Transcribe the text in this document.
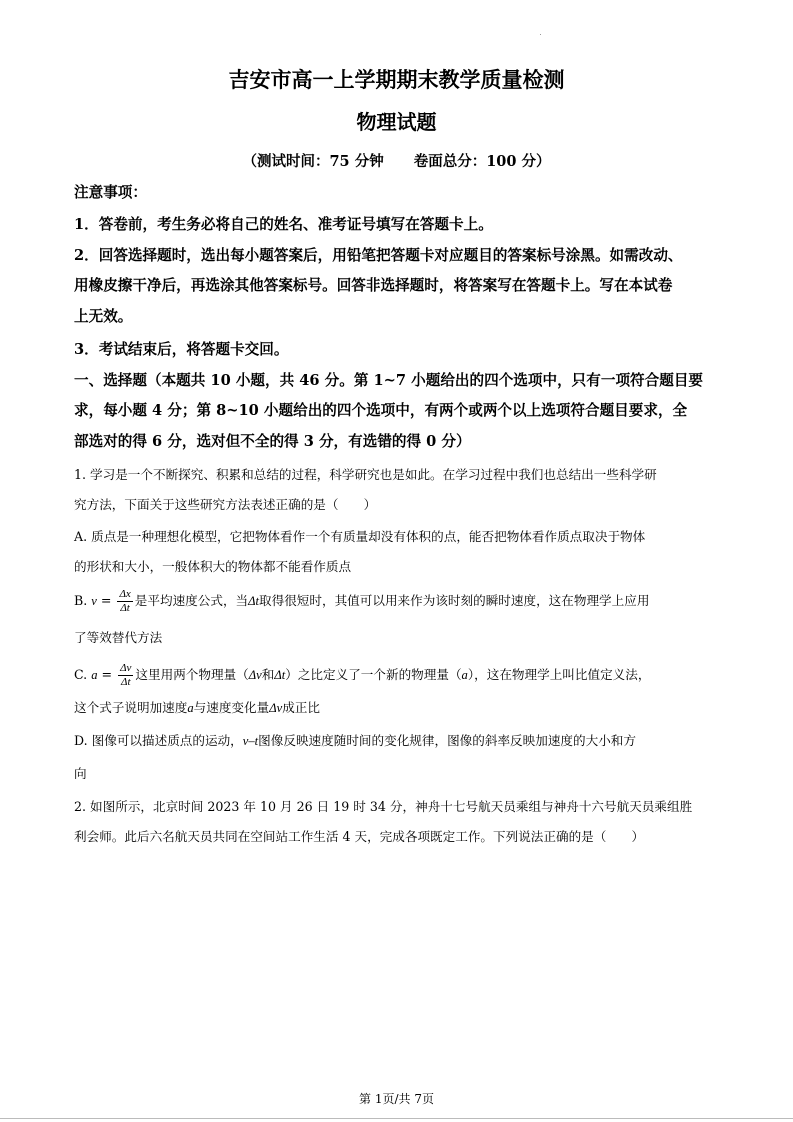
吉安市高一上学期期末教学质量检测
物理试题
（测试时间：75 分钟 卷面总分：100 分）
注意事项：
1．答卷前，考生务必将自己的姓名、准考证号填写在答题卡上。
2．回答选择题时，选出每小题答案后，用铅笔把答题卡对应题目的答案标号涂黑。如需改动、
用橡皮擦干净后，再选涂其他答案标号。回答非选择题时，将答案写在答题卡上。写在本试卷
上无效。
3．考试结束后，将答题卡交回。
一、选择题（本题共 10 小题，共 46 分。第 1~7 小题给出的四个选项中，只有一项符合题目要
求，每小题 4 分；第 8~10 小题给出的四个选项中，有两个或两个以上选项符合题目要求，全
部选对的得 6 分，选对但不全的得 3 分，有选错的得 0 分）
1. 学习是一个不断探究、积累和总结的过程，科学研究也是如此。在学习过程中我们也总结出一些科学研
究方法，下面关于这些研究方法表述正确的是（　　）
A. 质点是一种理想化模型，它把物体看作一个有质量却没有体积的点，能否把物体看作质点取决于物体
的形状和大小，一般体积大的物体都不能看作质点
B. $v = \frac{\Delta x}{\Delta t}$ 是平均速度公式，当Δt取得很短时，其值可以用来作为该时刻的瞬时速度，这在物理学上应用
了等效替代方法
C. $a = \frac{\Delta v}{\Delta t}$ 这里用两个物理量（Δv和Δt）之比定义了一个新的物理量（a），这在物理学上叫比值定义法，
这个式子说明加速度a与速度变化量Δv成正比
D. 图像可以描述质点的运动，v–t图像反映速度随时间的变化规律，图像的斜率反映加速度的大小和方
向
2. 如图所示，北京时间 2023 年 10 月 26 日 19 时 34 分，神舟十七号航天员乘组与神舟十六号航天员乘组胜
利会师。此后六名航天员共同在空间站工作生活 4 天，完成各项既定工作。下列说法正确的是（　　）
第 1页/共 7页
